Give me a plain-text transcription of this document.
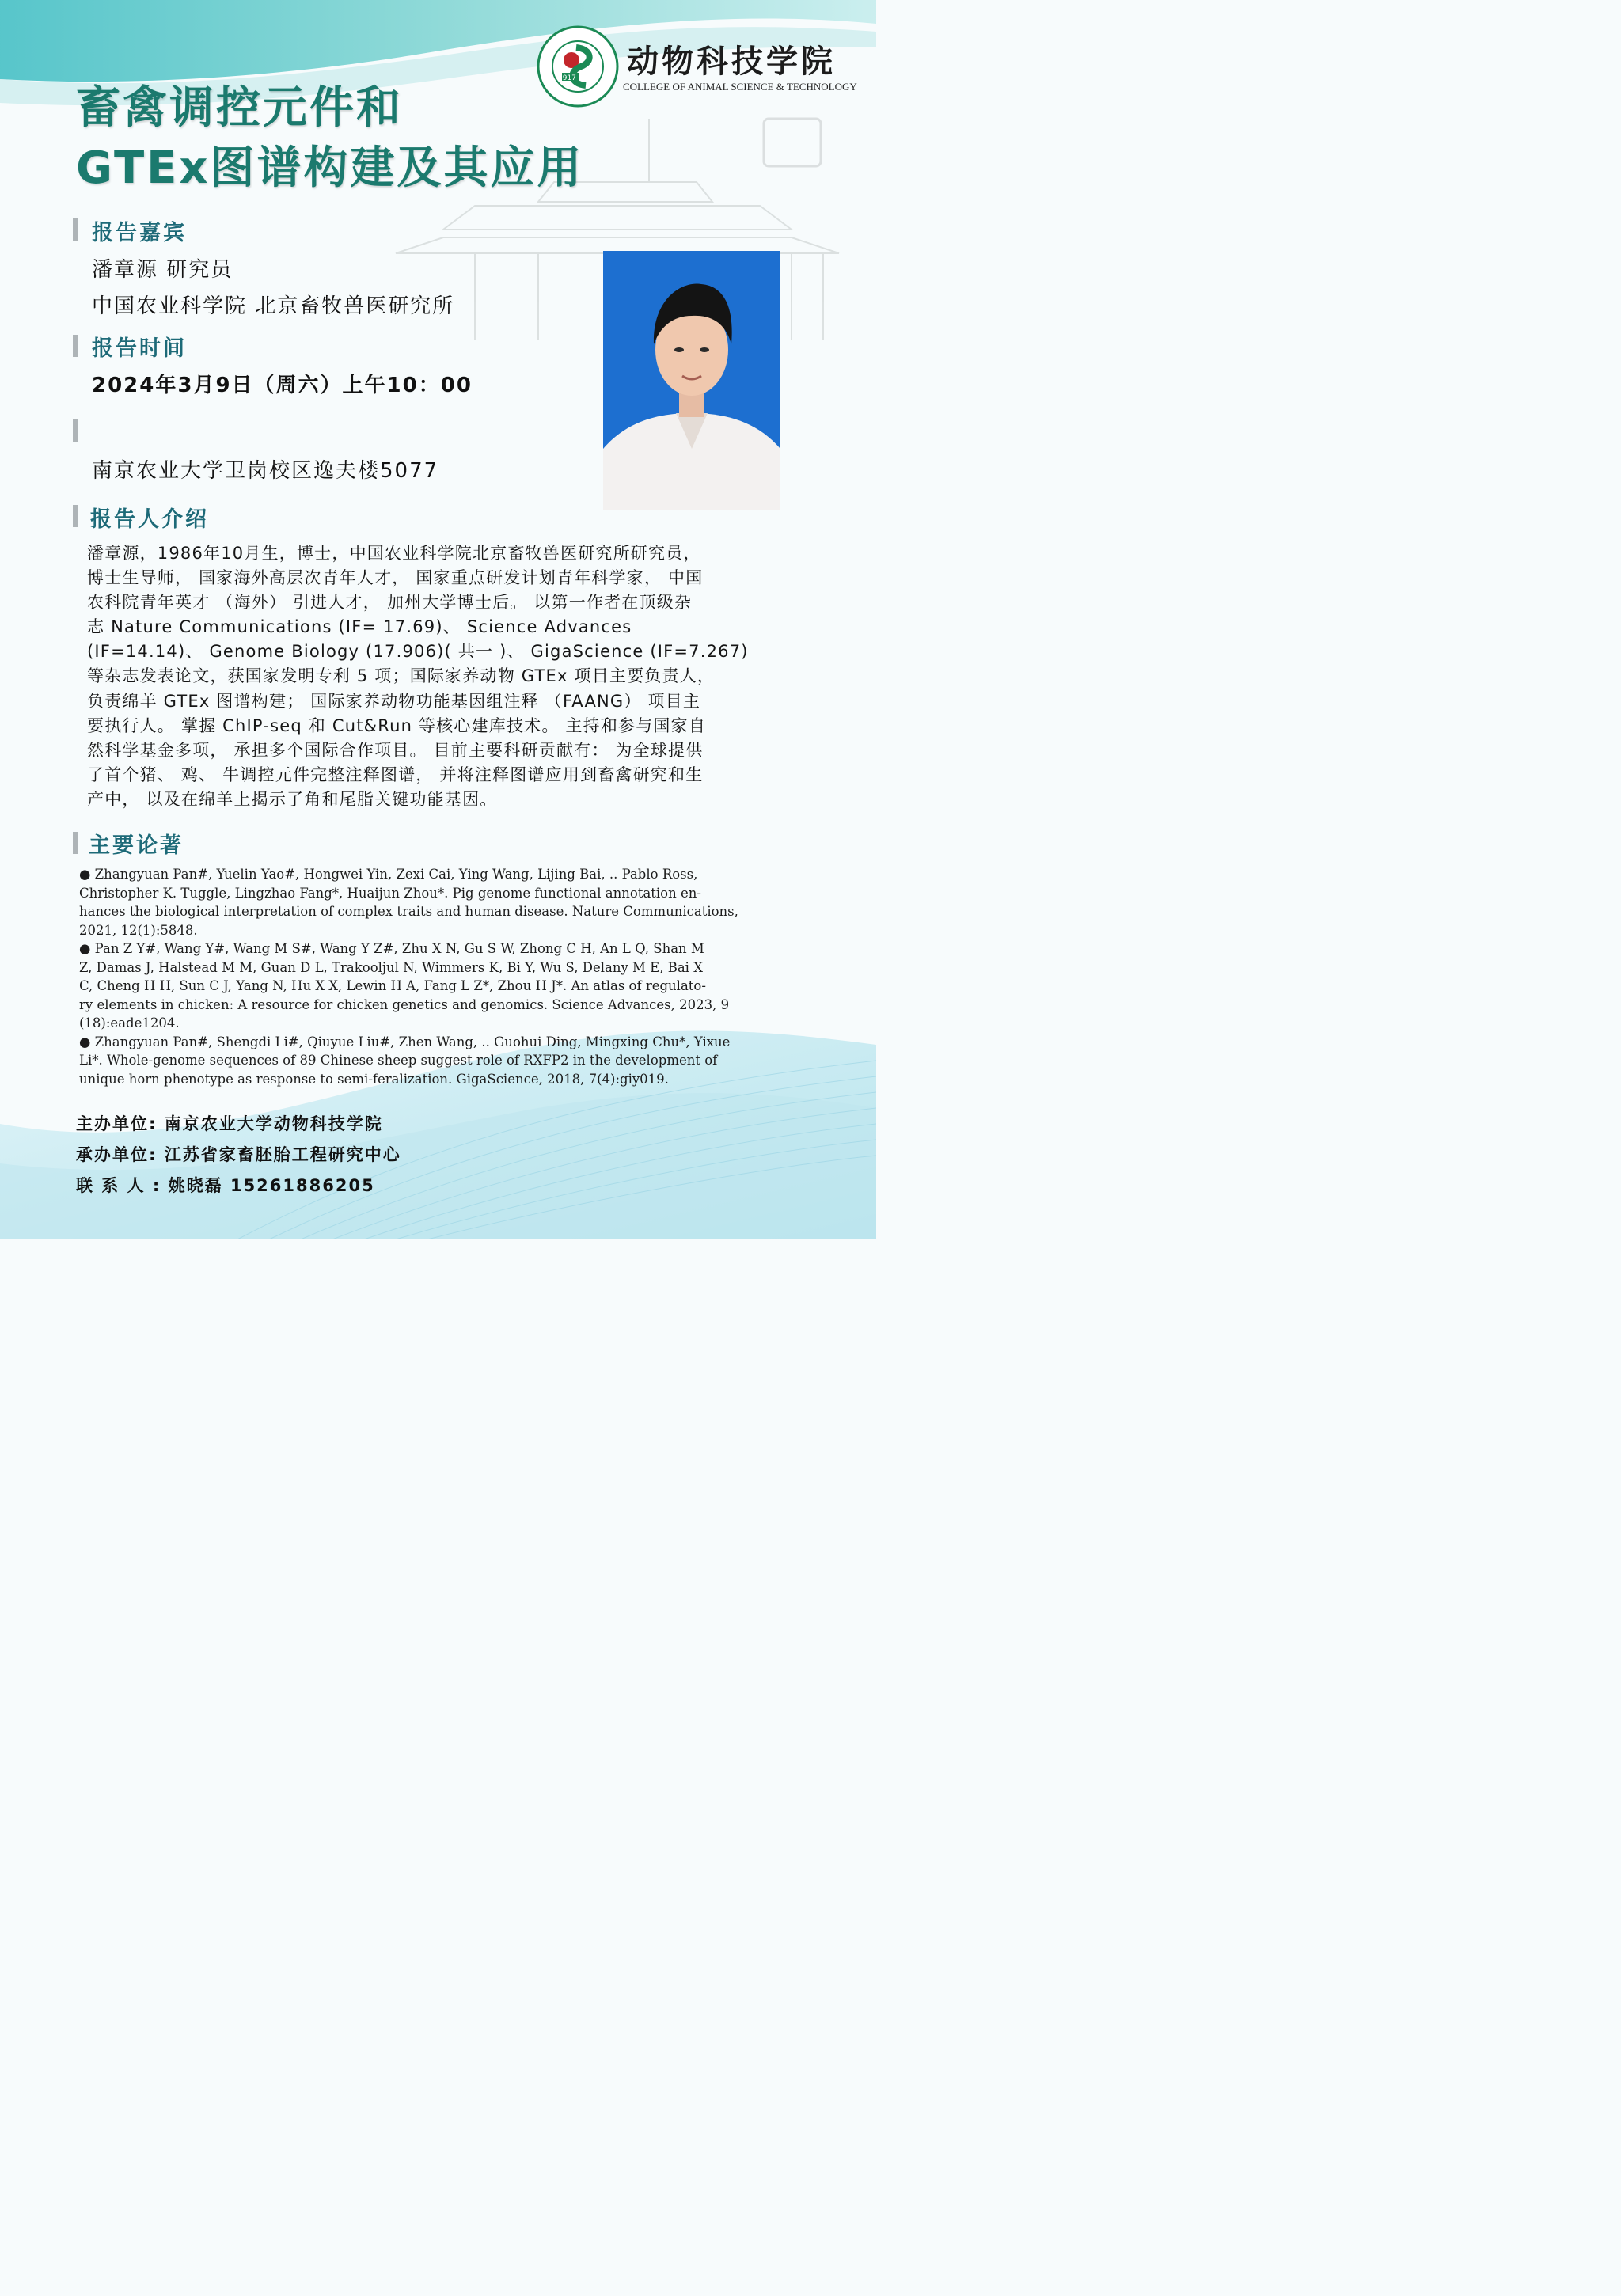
1917 动物科技学院
COLLEGE OF ANIMAL SCIENCE & TECHNOLOGY
畜禽调控元件和
GTEx图谱构建及其应用
报告嘉宾
潘章源 研究员
中国农业科学院 北京畜牧兽医研究所
报告时间
2024年3月9日（周六）上午10：00
南京农业大学卫岗校区逸夫楼5077
报告人介绍
潘章源，1986年10月生，博士，中国农业科学院北京畜牧兽医研究所研究员，
博士生导师， 国家海外高层次青年人才， 国家重点研发计划青年科学家， 中国
农科院青年英才 （海外） 引进人才， 加州大学博士后。 以第一作者在顶级杂
志 Nature Communications (IF= 17.69)、 Science Advances
(IF=14.14)、 Genome Biology (17.906)( 共一 )、 GigaScience (IF=7.267)
等杂志发表论文，获国家发明专利 5 项；国际家养动物 GTEx 项目主要负责人，
负责绵羊 GTEx 图谱构建； 国际家养动物功能基因组注释 （FAANG） 项目主
要执行人。 掌握 ChIP-seq 和 Cut&Run 等核心建库技术。 主持和参与国家自
然科学基金多项， 承担多个国际合作项目。 目前主要科研贡献有： 为全球提供
了首个猪、 鸡、 牛调控元件完整注释图谱， 并将注释图谱应用到畜禽研究和生
产中， 以及在绵羊上揭示了角和尾脂关键功能基因。
主要论著
● Zhangyuan Pan#, Yuelin Yao#, Hongwei Yin, Zexi Cai, Ying Wang, Lijing Bai, .. Pablo Ross,
Christopher K. Tuggle, Lingzhao Fang*, Huaijun Zhou*. Pig genome functional annotation en-
hances the biological interpretation of complex traits and human disease. Nature Communications,
2021, 12(1):5848.
● Pan Z Y#, Wang Y#, Wang M S#, Wang Y Z#, Zhu X N, Gu S W, Zhong C H, An L Q, Shan M
Z, Damas J, Halstead M M, Guan D L, Trakooljul N, Wimmers K, Bi Y, Wu S, Delany M E, Bai X
C, Cheng H H, Sun C J, Yang N, Hu X X, Lewin H A, Fang L Z*, Zhou H J*. An atlas of regulato-
ry elements in chicken: A resource for chicken genetics and genomics. Science Advances, 2023, 9
(18):eade1204.
● Zhangyuan Pan#, Shengdi Li#, Qiuyue Liu#, Zhen Wang, .. Guohui Ding, Mingxing Chu*, Yixue
Li*. Whole-genome sequences of 89 Chinese sheep suggest role of RXFP2 in the development of
unique horn phenotype as response to semi-feralization. GigaScience, 2018, 7(4):giy019.
主办单位: 南京农业大学动物科技学院
承办单位: 江苏省家畜胚胎工程研究中心
联 系 人 : 姚晓磊 15261886205
